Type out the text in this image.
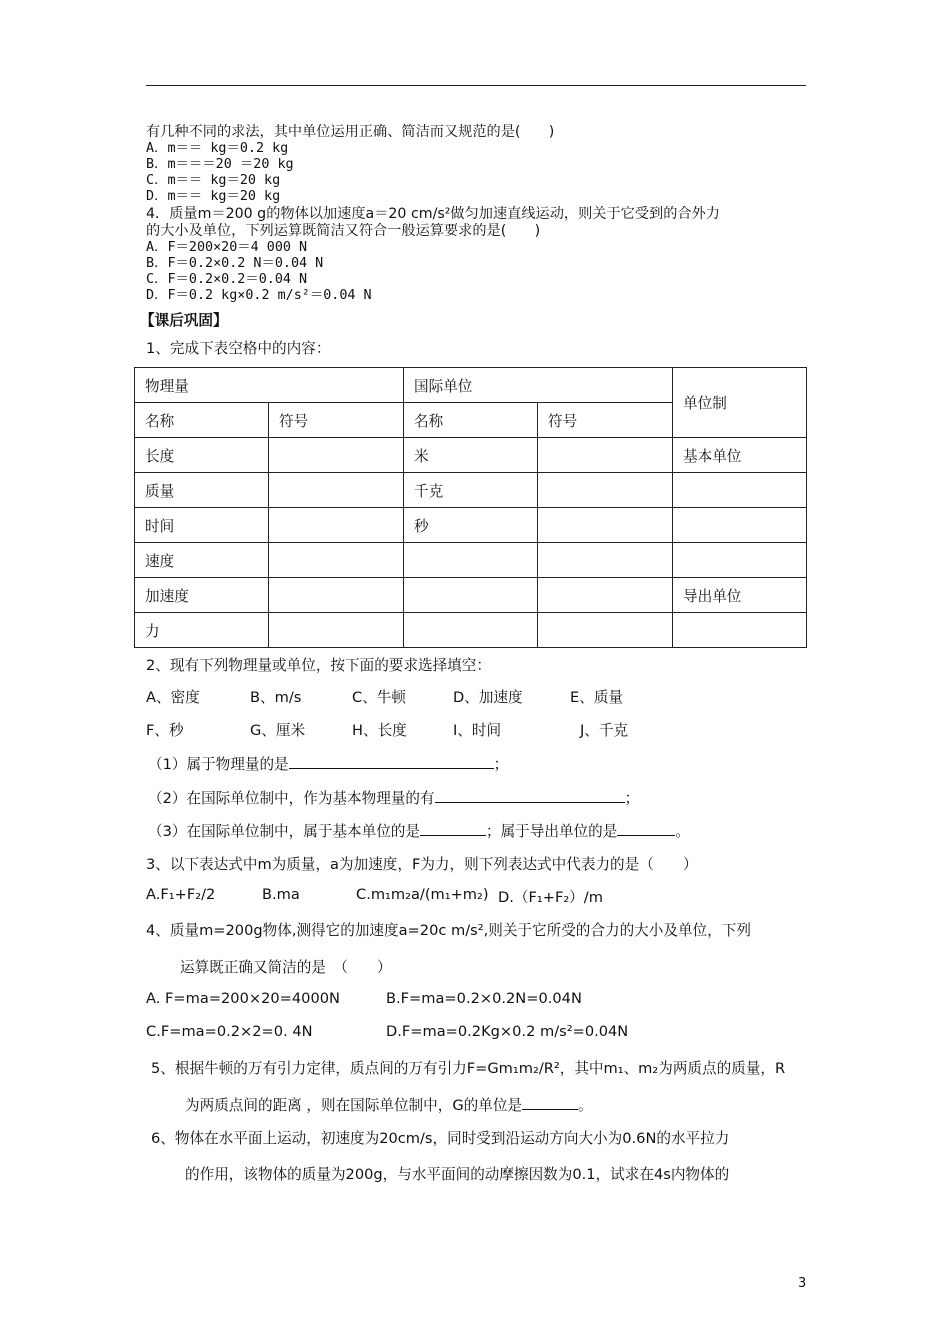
有几种不同的求法，其中单位运用正确、简洁而又规范的是(　　)
A．m＝＝ kg＝0.2 kg
B．m＝＝＝20 ＝20 kg
C．m＝＝ kg＝20 kg
D．m＝＝ kg＝20 kg
4．质量m＝200 g的物体以加速度a＝20 cm/s²做匀加速直线运动，则关于它受到的合外力
的大小及单位，下列运算既简洁又符合一般运算要求的是(　　)
A．F＝200×20＝4 000 N
B．F＝0.2×0.2 N＝0.04 N
C．F＝0.2×0.2＝0.04 N
D．F＝0.2 kg×0.2 m/s²＝0.04 N
【课后巩固】
1、完成下表空格中的内容：
物理量		国际单位		单位制
名称	符号	名称	符号	
长度		米		基本单位
质量		千克		
时间		秒		
速度				
加速度				导出单位
力				
2、现有下列物理量或单位，按下面的要求选择填空：
A、密度	B、m/s	C、牛顿	D、加速度	E、质量
F、秒	G、厘米	H、长度	I、时间	J、千克
（1）属于物理量的是	；
（2）在国际单位制中，作为基本物理量的有	；
（3）在国际单位制中，属于基本单位的是	；属于导出单位的是	。
3、以下表达式中m为质量，a为加速度，F为力，则下列表达式中代表力的是（　　）
A.F₁+F₂/2	B.ma	C.m₁m₂a/(m₁+m₂) D.（F₁+F₂）/m
4、质量m=200g物体,测得它的加速度a=20c m/s²,则关于它所受的合力的大小及单位，下列
运算既正确又简洁的是　（　　）
A. F=ma=200×20=4000N	B.F=ma=0.2×0.2N=0.04N
C.F=ma=0.2×2=0. 4N	D.F=ma=0.2Kg×0.2 m/s²=0.04N
5、根据牛顿的万有引力定律，质点间的万有引力F=Gm₁m₂/R²，其中m₁、m₂为两质点的质量，R
为两质点间的距离 ，则在国际单位制中，G的单位是	。
6、物体在水平面上运动，初速度为20cm/s，同时受到沿运动方向大小为0.6N的水平拉力
的作用，该物体的质量为200g，与水平面间的动摩擦因数为0.1，试求在4s内物体的
3
